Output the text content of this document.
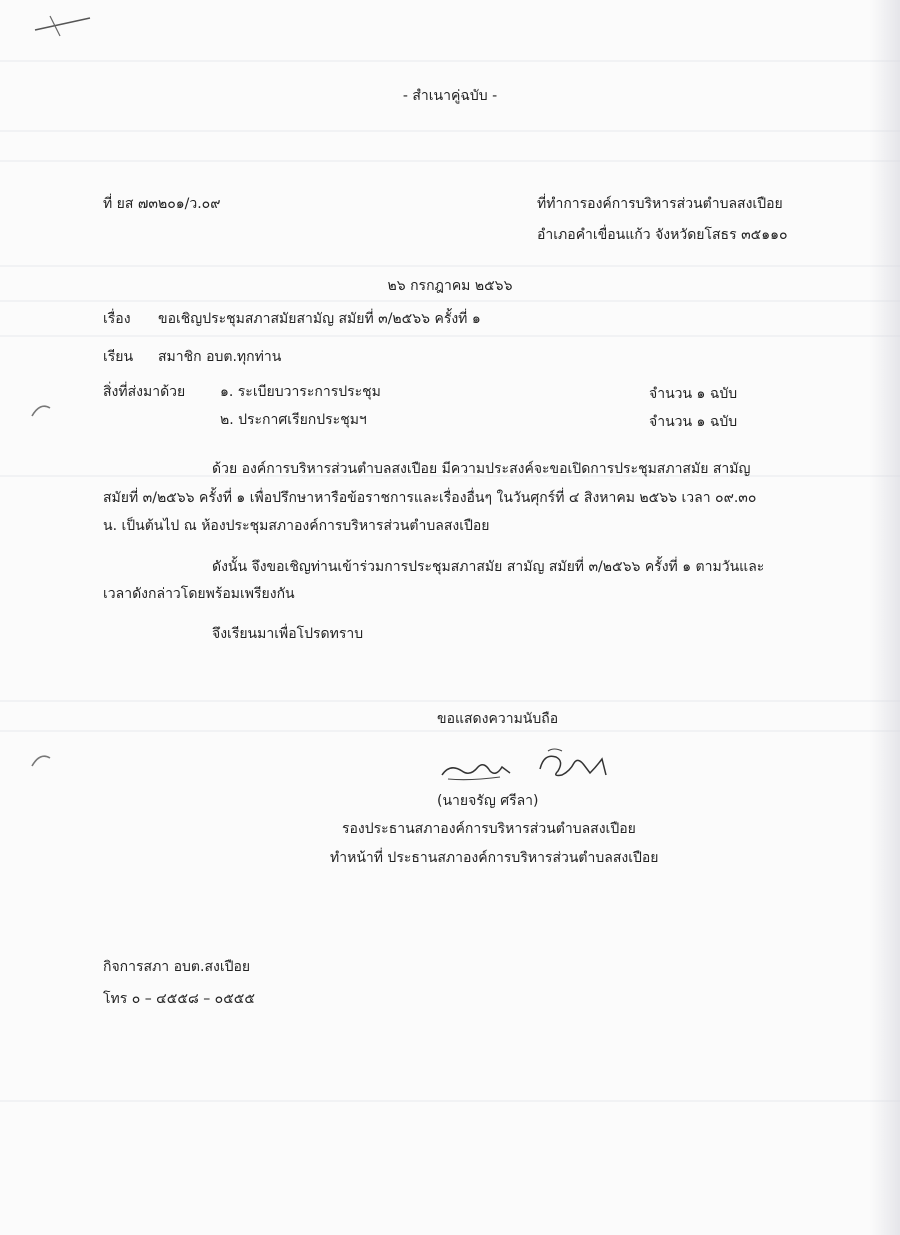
- สำเนาคู่ฉบับ -
ที่ ยส ๗๓๒๐๑/ว.๐๙	ที่ทำการองค์การบริหารส่วนตำบลสงเปือย
อำเภอคำเขื่อนแก้ว จังหวัดยโสธร ๓๕๑๑๐
๒๖ กรกฎาคม ๒๕๖๖
เรื่อง ขอเชิญประชุมสภาสมัยสามัญ สมัยที่ ๓/๒๕๖๖ ครั้งที่ ๑
เรียน สมาชิก อบต.ทุกท่าน
สิ่งที่ส่งมาด้วย ๑. ระเบียบวาระการประชุม	จำนวน ๑ ฉบับ
๒. ประกาศเรียกประชุมฯ	จำนวน ๑ ฉบับ
ด้วย องค์การบริหารส่วนตำบลสงเปือย มีความประสงค์จะขอเปิดการประชุมสภาสมัย สามัญ
สมัยที่ ๓/๒๕๖๖ ครั้งที่ ๑ เพื่อปรึกษาหารือข้อราชการและเรื่องอื่นๆ ในวันศุกร์ที่ ๔ สิงหาคม ๒๕๖๖ เวลา ๐๙.๓๐
น. เป็นต้นไป ณ ห้องประชุมสภาองค์การบริหารส่วนตำบลสงเปือย
ดังนั้น จึงขอเชิญท่านเข้าร่วมการประชุมสภาสมัย สามัญ สมัยที่ ๓/๒๕๖๖ ครั้งที่ ๑ ตามวันและ
เวลาดังกล่าวโดยพร้อมเพรียงกัน
จึงเรียนมาเพื่อโปรดทราบ
ขอแสดงความนับถือ
(นายจรัญ ศรีลา)
รองประธานสภาองค์การบริหารส่วนตำบลสงเปือย
ทำหน้าที่ ประธานสภาองค์การบริหารส่วนตำบลสงเปือย
กิจการสภา อบต.สงเปือย
โทร ๐ – ๔๕๕๘ – ๐๕๕๕
